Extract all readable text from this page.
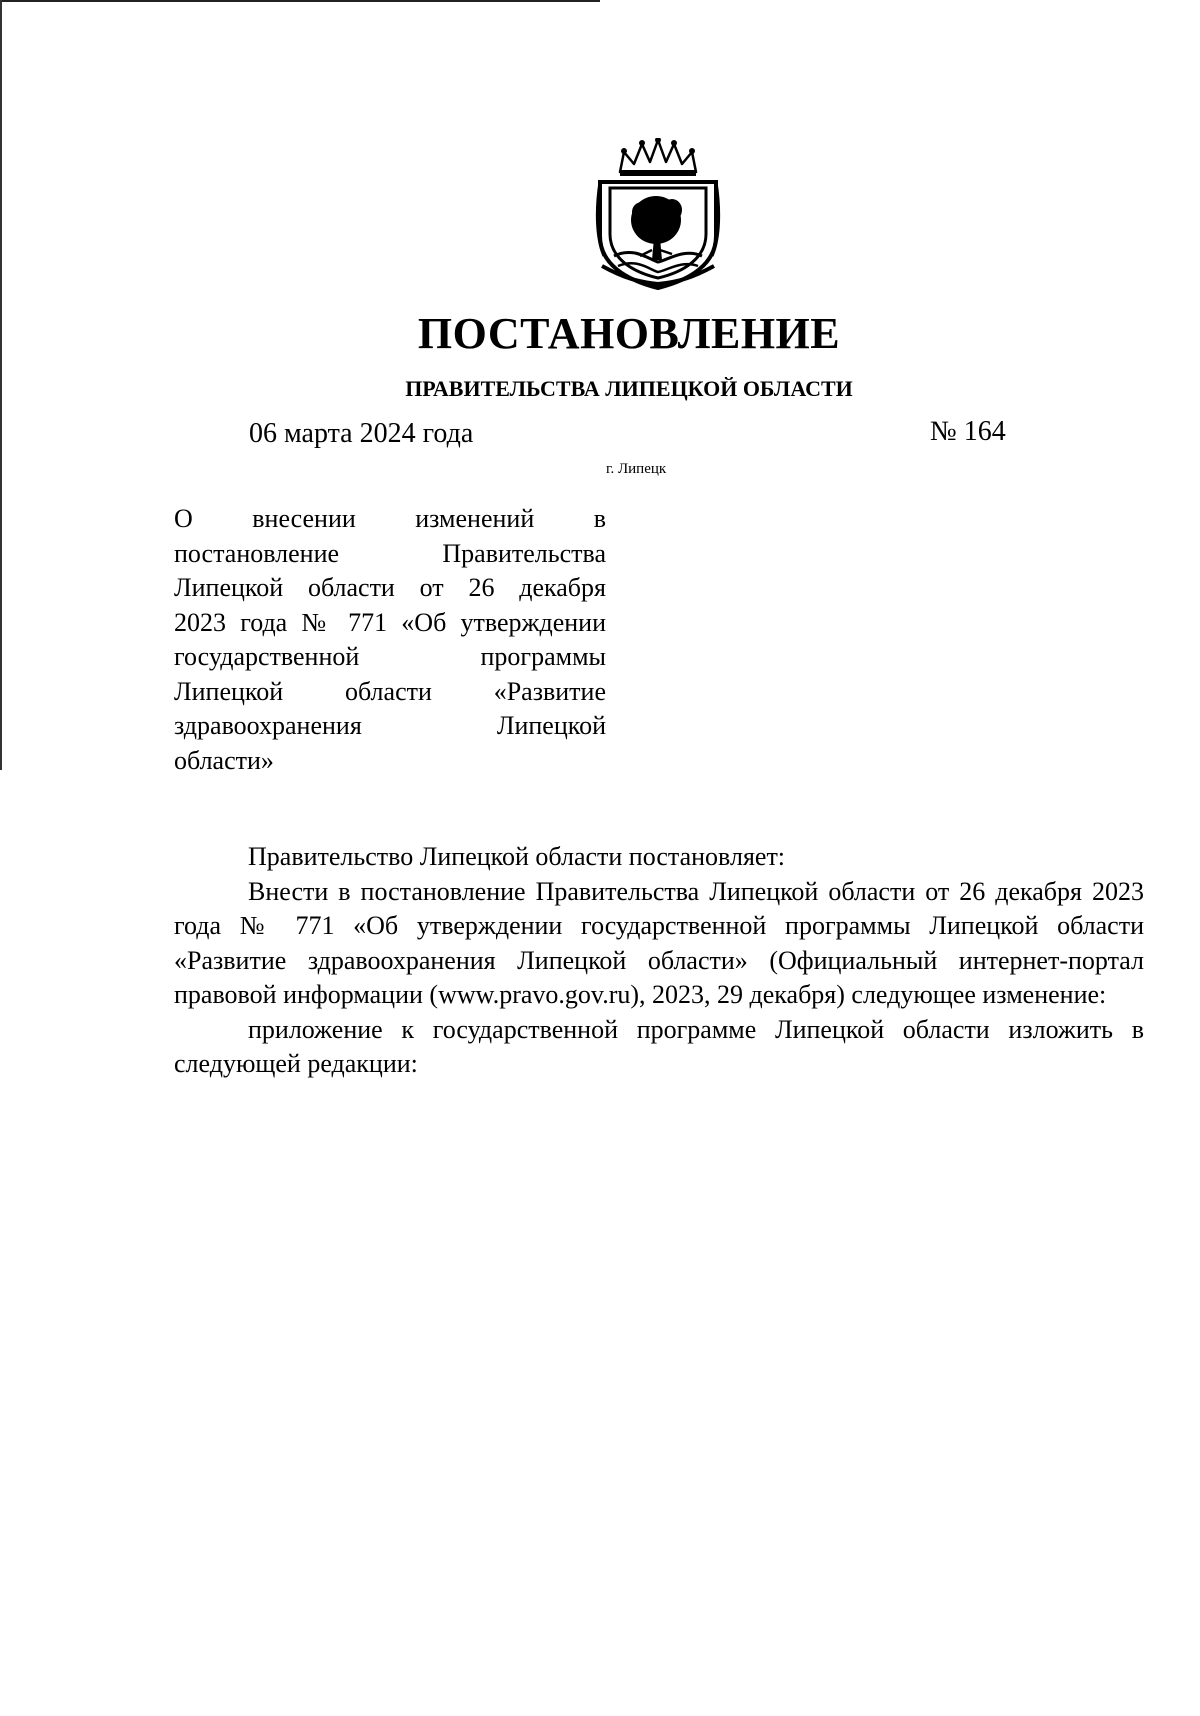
ПОСТАНОВЛЕНИЕ
ПРАВИТЕЛЬСТВА ЛИПЕЦКОЙ ОБЛАСТИ
06 марта 2024 года	№ 164
г. Липецк
О внесении изменений в
постановление Правительства
Липецкой области от 26 декабря
2023 года № 771 «Об утверждении
государственной программы
Липецкой области «Развитие
здравоохранения Липецкой
области»

Правительство Липецкой области постановляет:

Внести в постановление Правительства Липецкой области от 26 декабря 2023 года № 771 «Об утверждении государственной программы Липецкой области «Развитие здравоохранения Липецкой области» (Официальный интернет-портал правовой информации (www.pravo.gov.ru), 2023, 29 декабря) следующее изменение:

приложение к государственной программе Липецкой области изложить в следующей редакции:
